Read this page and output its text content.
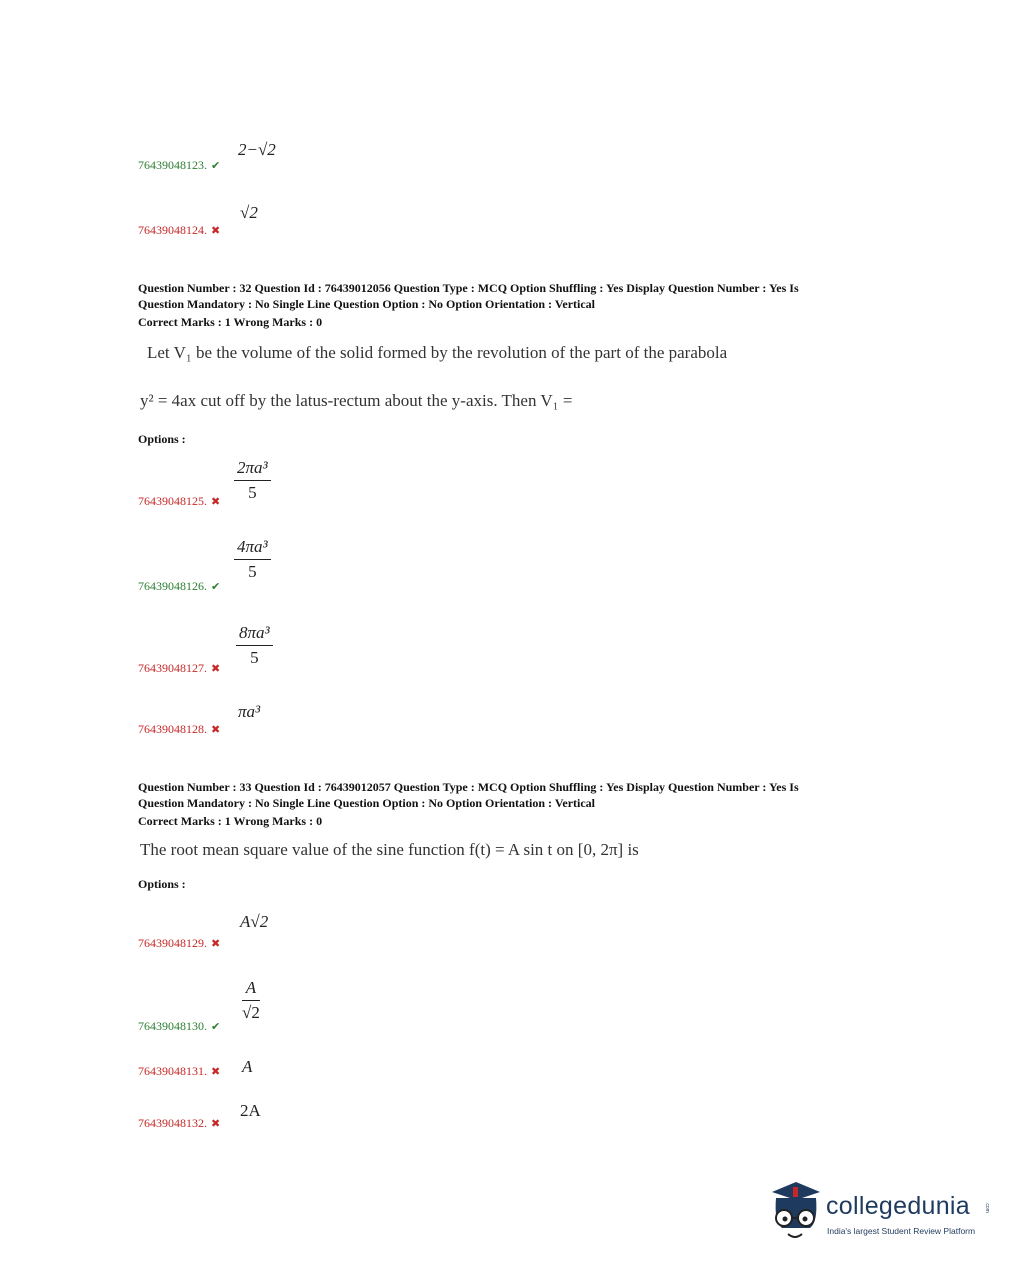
2−√2
76439048123. ✔
√2
76439048124. ✖
Question Number : 32 Question Id : 76439012056 Question Type : MCQ Option Shuffling : Yes Display Question Number : Yes Is
Question Mandatory : No Single Line Question Option : No Option Orientation : Vertical
Correct Marks : 1 Wrong Marks : 0
Let V₁ be the volume of the solid formed by the revolution of the part of the parabola
y² = 4ax cut off by the latus-rectum about the y-axis. Then V₁ =
Options :
2πa³
5
76439048125. ✖
4πa³
5
76439048126. ✔
8πa³
5
76439048127. ✖
πa³
76439048128. ✖
Question Number : 33 Question Id : 76439012057 Question Type : MCQ Option Shuffling : Yes Display Question Number : Yes Is
Question Mandatory : No Single Line Question Option : No Option Orientation : Vertical
Correct Marks : 1 Wrong Marks : 0
The root mean square value of the sine function f(t) = A sin t on [0, 2π] is
Options :
A√2
76439048129. ✖
A
√2
76439048130. ✔
76439048131. ✖ A
2A
76439048132. ✖
collegedunia	.com
India's largest Student Review Platform
